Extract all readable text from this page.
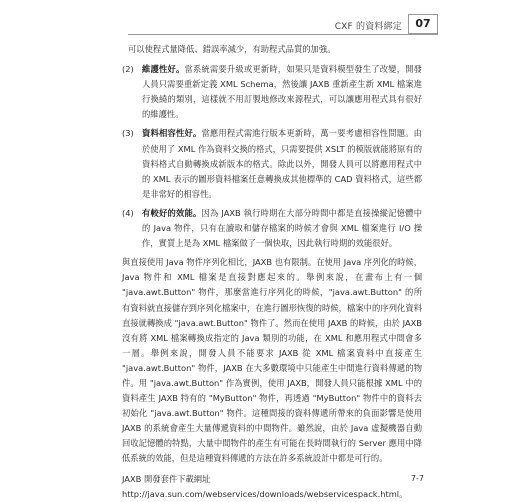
CXF 的資料綁定	07

可以使程式量降低、錯誤率減少，有助程式品質的加強。

(2) 維護性好。當系統需要升級或更新時，如果只是資料模型發生了改變，開發人員只需要重新定義 XML Schema，然後讓 JAXB 重新產生新 XML 檔案進行換繞的類別，這樣就不用訂製地修改來源程式，可以讓應用程式具有很好的維護性。
(3) 資料相容性好。當應用程式需進行版本更新時，萬一要考慮相容性問題。由於使用了 XML 作為資料交換的格式，只需要提供 XSLT 的模版就能將原有的資料格式自動轉換成新版本的格式。除此以外，開發人員可以將應用程式中的 XML 表示的圖形資料檔案任意轉換成其他標準的 CAD 資料格式，這些都是非常好的相容性。
(4) 有較好的效能。因為 JAXB 執行時期在大部分時間中都是直接操縱記憶體中的 Java 物件，只有在讀取和儲存檔案的時候才會與 XML 檔案進行 I/O 操作，實質上是為 XML 檔案做了一個快取，因此執行時期的效能很好。

與直接使用 Java 物件序列化相比，JAXB 也有限制。在使用 Java 序列化的時候，Java 物件和 XML 檔案是直接對應起來的。舉例來說，在畫布上有一個 "java.awt.Button" 物件，那麼當進行序列化的時候，"java.awt.Button" 的所有資料就直接儲存到序列化檔案中，在進行圖形恢復的時候，檔案中的序列化資料直接就轉換成 "java.awt.Button" 物件了。然而在使用 JAXB 的時候，由於 JAXB 沒有將 XML 檔案轉換成指定的 Java 類別的功能，在 XML 和應用程式中間會多一層。舉例來說，開發人員不能要求 JAXB 從 XML 檔案資料中直接產生 "java.awt.Button" 物件，JAXB 在大多數環境中只能產生中間進行資料傳遞的物件。用 "java.awt.Button" 作為實例，使用 JAXB，開發人員只能根據 XML 中的資料產生 JAXB 特有的 "MyButton" 物件，再透過 "MyButton" 物件中的資料去初始化 "java.awt.Button" 物件。這種間接的資料傳遞所帶來的負面影響是使用 JAXB 的系統會產生大量傳遞資料的中間物件。雖然說，由於 Java 虛擬機器自動回收記憶體的特點，大量中間物件的產生有可能在長時間執行的 Server 應用中降低系統的效能，但是這種資料傳遞的方法在許多系統設計中都是可行的。

JAXB 開發套件下載網址
http://java.sun.com/webservices/downloads/webservicespack.html。
7-7
